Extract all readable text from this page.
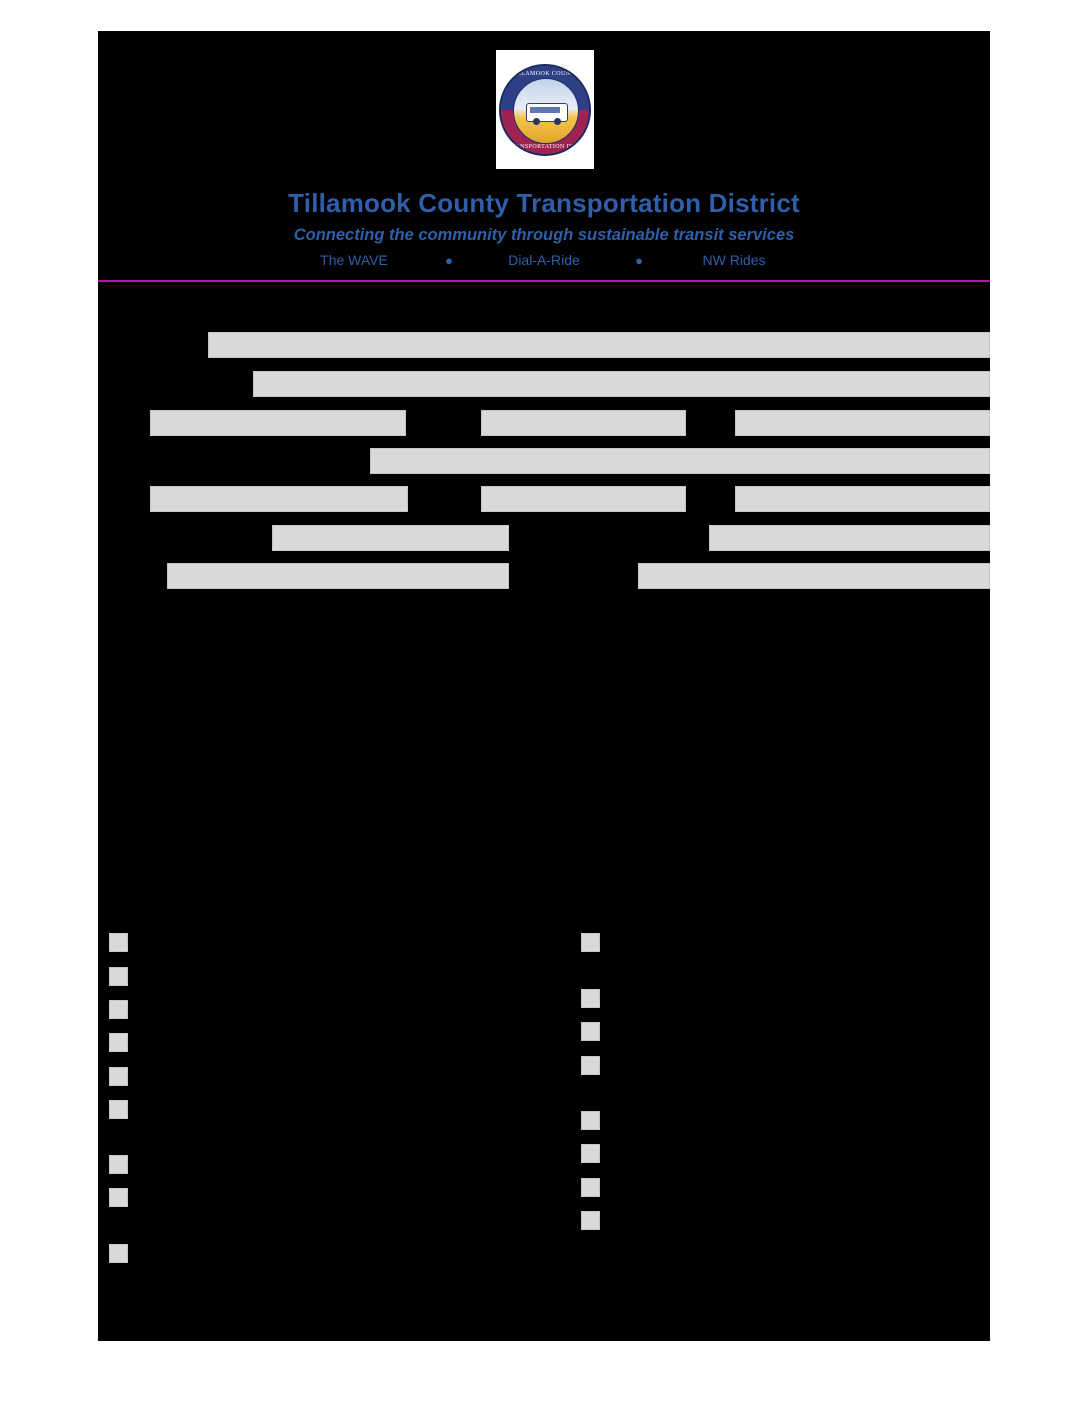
TILLAMOOK COUNTY
TRANSPORTATION DIST.
Tillamook County Transportation District
Connecting the community through sustainable transit services
The WAVE	●	Dial-A-Ride	●	NW Rides
